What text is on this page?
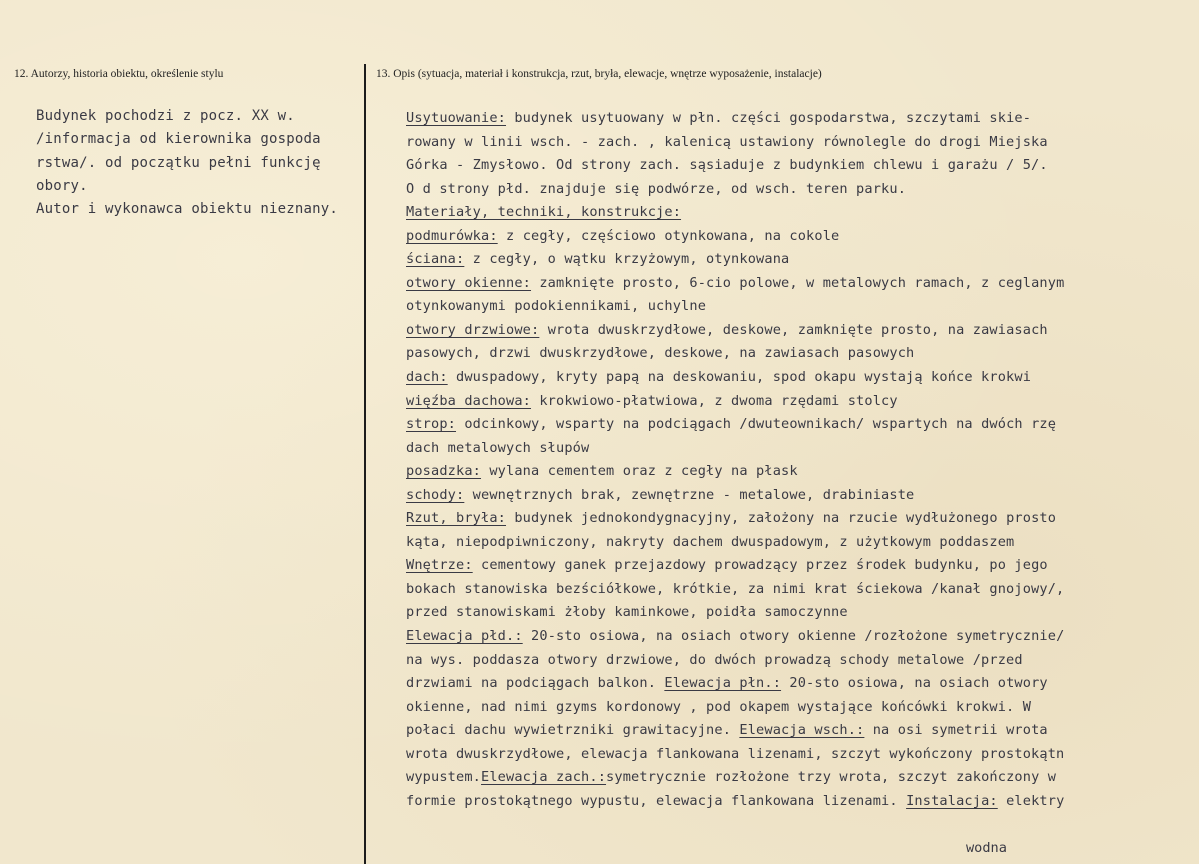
12. Autorzy, historia obiektu, określenie stylu	13. Opis (sytuacja, materiał i konstrukcja, rzut, bryła, elewacje, wnętrze wyposażenie, instalacje)
Budynek pochodzi z pocz. XX w.
/informacja od kierownika gospoda
rstwa/. od początku pełni funkcję
obory.
Autor i wykonawca obiektu nieznany.
Usytuowanie: budynek usytuowany w płn. części gospodarstwa, szczytami skie-
rowany w linii wsch. - zach. , kalenicą ustawiony równolegle do drogi Miejska
Górka - Zmysłowo. Od strony zach. sąsiaduje z budynkiem chlewu i garażu / 5/.
O d strony płd. znajduje się podwórze, od wsch. teren parku.
Materiały, techniki, konstrukcje:
podmurówka: z cegły, częściowo otynkowana, na cokole
ściana: z cegły, o wątku krzyżowym, otynkowana
otwory okienne: zamknięte prosto, 6-cio polowe, w metalowych ramach, z ceglanym
otynkowanymi podokiennikami, uchylne
otwory drzwiowe: wrota dwuskrzydłowe, deskowe, zamknięte prosto, na zawiasach
pasowych, drzwi dwuskrzydłowe, deskowe, na zawiasach pasowych
dach: dwuspadowy, kryty papą na deskowaniu, spod okapu wystają końce krokwi
więźba dachowa: krokwiowo-płatwiowa, z dwoma rzędami stolcy
strop: odcinkowy, wsparty na podciągach /dwuteownikach/ wspartych na dwóch rzę
dach metalowych słupów
posadzka: wylana cementem oraz z cegły na płask
schody: wewnętrznych brak, zewnętrzne - metalowe, drabiniaste
Rzut, bryła: budynek jednokondygnacyjny, założony na rzucie wydłużonego prosto
kąta, niepodpiwniczony, nakryty dachem dwuspadowym, z użytkowym poddaszem
Wnętrze: cementowy ganek przejazdowy prowadzący przez środek budynku, po jego
bokach stanowiska bezściółkowe, krótkie, za nimi krat ściekowa /kanał gnojowy/,
przed stanowiskami żłoby kaminkowe, poidła samoczynne
Elewacja płd.: 20-sto osiowa, na osiach otwory okienne /rozłożone symetrycznie/
na wys. poddasza otwory drzwiowe, do dwóch prowadzą schody metalowe /przed
drzwiami na podciągach balkon. Elewacja płn.: 20-sto osiowa, na osiach otwory
okienne, nad nimi gzyms kordonowy , pod okapem wystające końcówki krokwi. W
połaci dachu wywietrzniki grawitacyjne. Elewacja wsch.: na osi symetrii wrota
wrota dwuskrzydłowe, elewacja flankowana lizenami, szczyt wykończony prostokątn
wypustem.Elewacja zach.:symetrycznie rozłożone trzy wrota, szczyt zakończony w
formie prostokątnego wypustu, elewacja flankowana lizenami. Instalacja: elektry
wodna
